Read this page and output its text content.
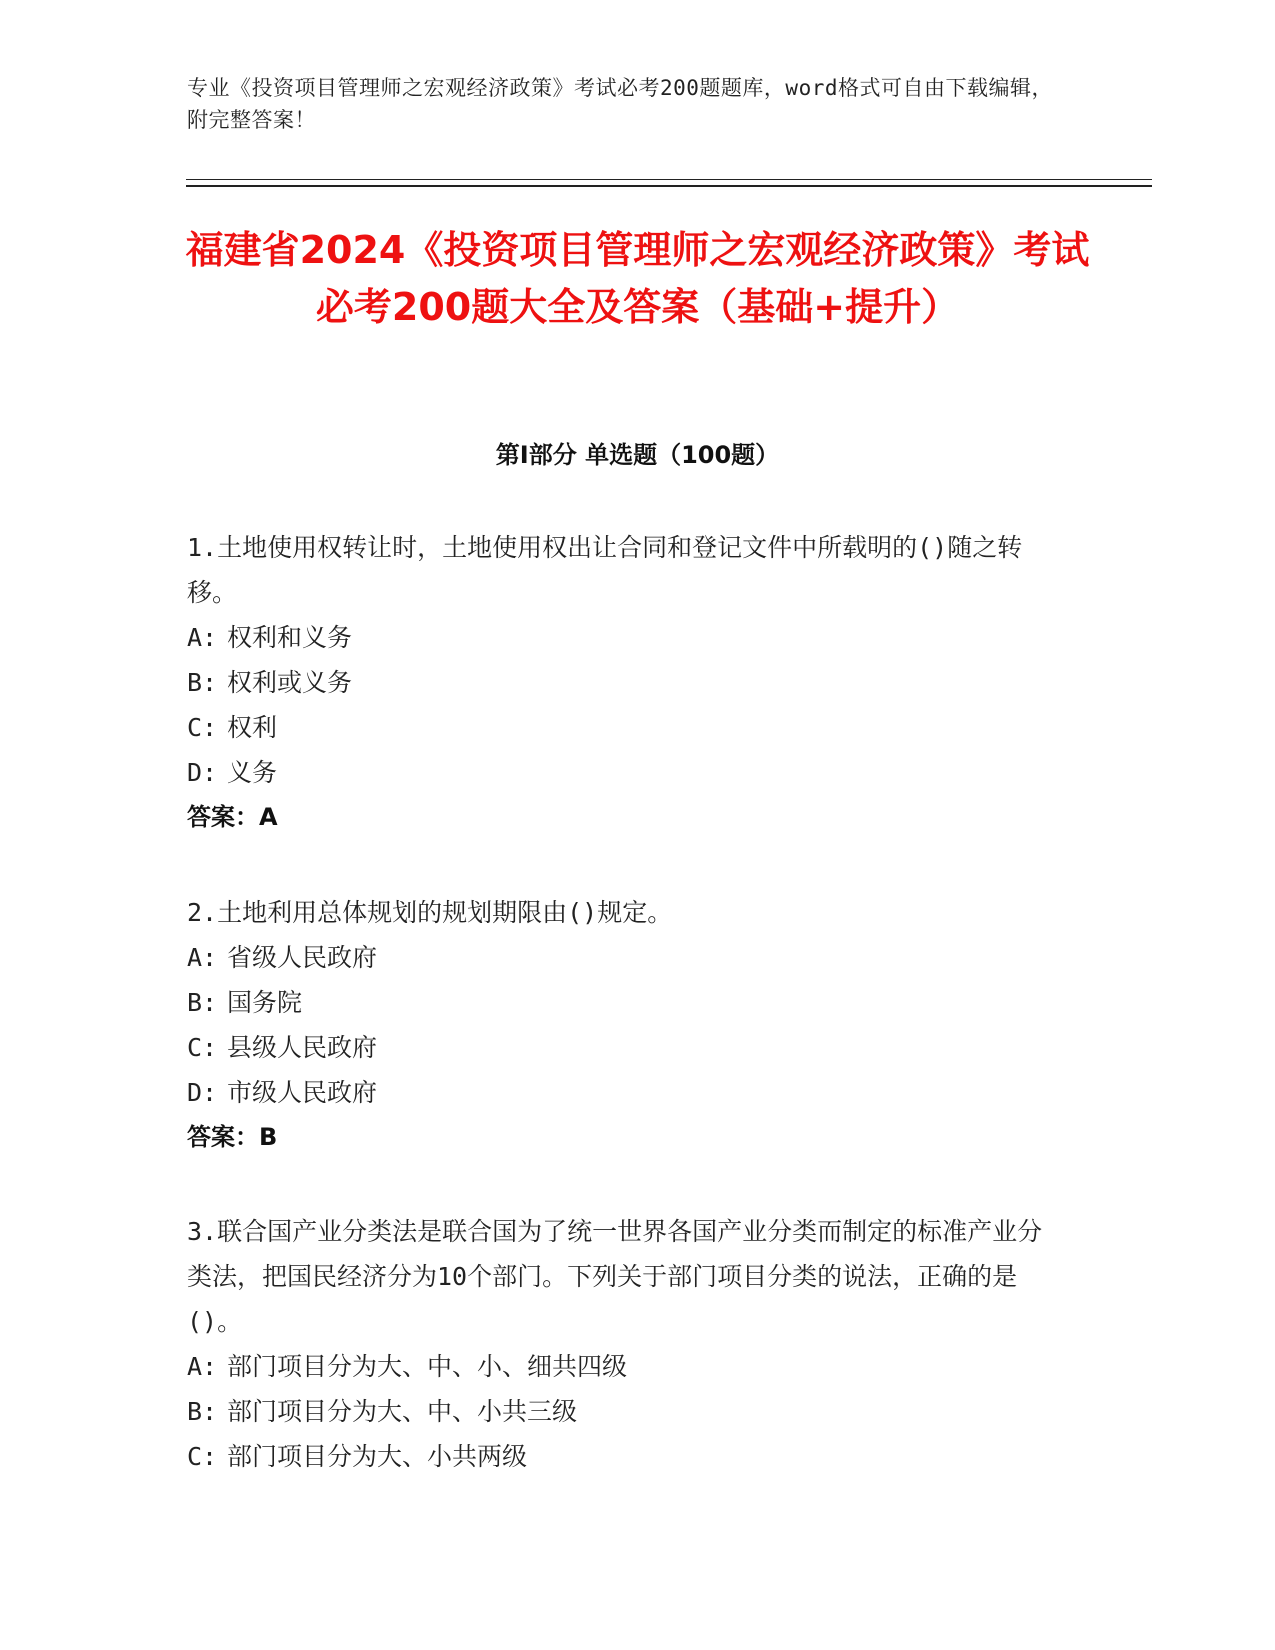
专业《投资项目管理师之宏观经济政策》考试必考200题题库，word格式可自由下载编辑，附完整答案！
福建省2024《投资项目管理师之宏观经济政策》考试必考200题大全及答案（基础+提升）
第I部分 单选题（100题）
1.土地使用权转让时，土地使用权出让合同和登记文件中所载明的()随之转移。
A: 权利和义务
B: 权利或义务
C: 权利
D: 义务
答案：A
2.土地利用总体规划的规划期限由()规定。
A: 省级人民政府
B: 国务院
C: 县级人民政府
D: 市级人民政府
答案：B
3.联合国产业分类法是联合国为了统一世界各国产业分类而制定的标准产业分类法，把国民经济分为10个部门。下列关于部门项目分类的说法，正确的是()。
A: 部门项目分为大、中、小、细共四级
B: 部门项目分为大、中、小共三级
C: 部门项目分为大、小共两级
